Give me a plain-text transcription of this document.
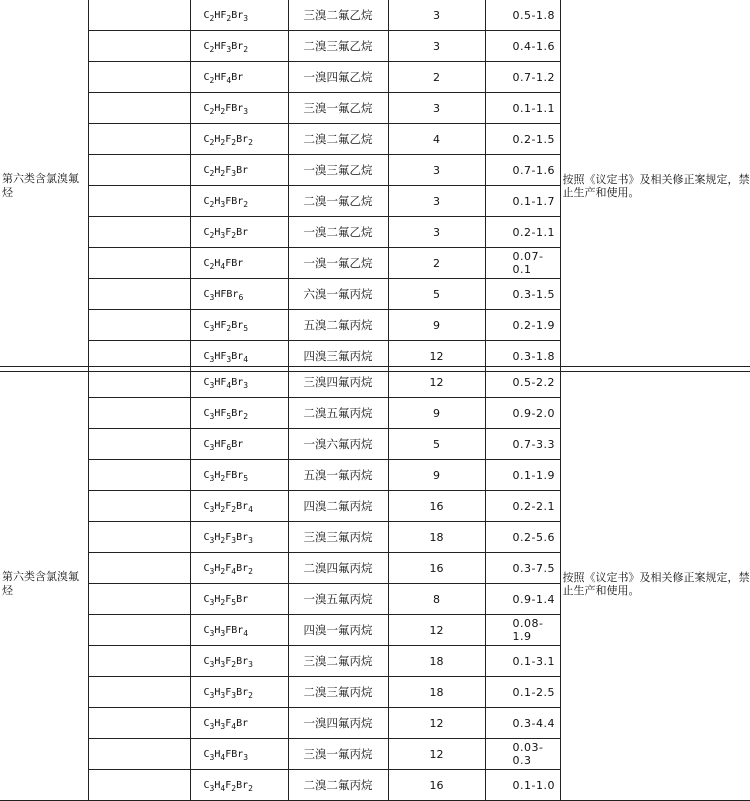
第六类含氯溴氟烃		$C_2HF_2Br_3$	三溴二氟乙烷	3	0.5-1.8	按照《议定书》及相关修正案规定，禁止生产和使用。
		$C_2HF_3Br_2$	二溴三氟乙烷	3	0.4-1.6	
		$C_2HF_4Br$	一溴四氟乙烷	2	0.7-1.2	
		$C_2H_2FBr_3$	三溴一氟乙烷	3	0.1-1.1	
		$C_2H_2F_2Br_2$	二溴二氟乙烷	4	0.2-1.5	
		$C_2H_2F_3Br$	一溴三氟乙烷	3	0.7-1.6	
		$C_2H_3FBr_2$	二溴一氟乙烷	3	0.1-1.7	
		$C_2H_3F_2Br$	一溴二氟乙烷	3	0.2-1.1	
		$C_2H_4FBr$	一溴一氟乙烷	2	0.07-0.1	
		$C_3HFBr_6$	六溴一氟丙烷	5	0.3-1.5	
		$C_3HF_2Br_5$	五溴二氟丙烷	9	0.2-1.9	
		$C_3HF_3Br_4$	四溴三氟丙烷	12	0.3-1.8	
第六类含氯溴氟烃		$C_3HF_4Br_3$	三溴四氟丙烷	12	0.5-2.2	按照《议定书》及相关修正案规定，禁止生产和使用。
		$C_3HF_5Br_2$	二溴五氟丙烷	9	0.9-2.0	
		$C_3HF_6Br$	一溴六氟丙烷	5	0.7-3.3	
		$C_3H_2FBr_5$	五溴一氟丙烷	9	0.1-1.9	
		$C_3H_2F_2Br_4$	四溴二氟丙烷	16	0.2-2.1	
		$C_3H_2F_3Br_3$	三溴三氟丙烷	18	0.2-5.6	
		$C_3H_2F_4Br_2$	二溴四氟丙烷	16	0.3-7.5	
		$C_3H_2F_5Br$	一溴五氟丙烷	8	0.9-1.4	
		$C_3H_3FBr_4$	四溴一氟丙烷	12	0.08-1.9	
		$C_3H_3F_2Br_3$	三溴二氟丙烷	18	0.1-3.1	
		$C_3H_3F_3Br_2$	二溴三氟丙烷	18	0.1-2.5	
		$C_3H_3F_4Br$	一溴四氟丙烷	12	0.3-4.4	
		$C_3H_4FBr_3$	三溴一氟丙烷	12	0.03-0.3	
		$C_3H_4F_2Br_2$	二溴二氟丙烷	16	0.1-1.0	
